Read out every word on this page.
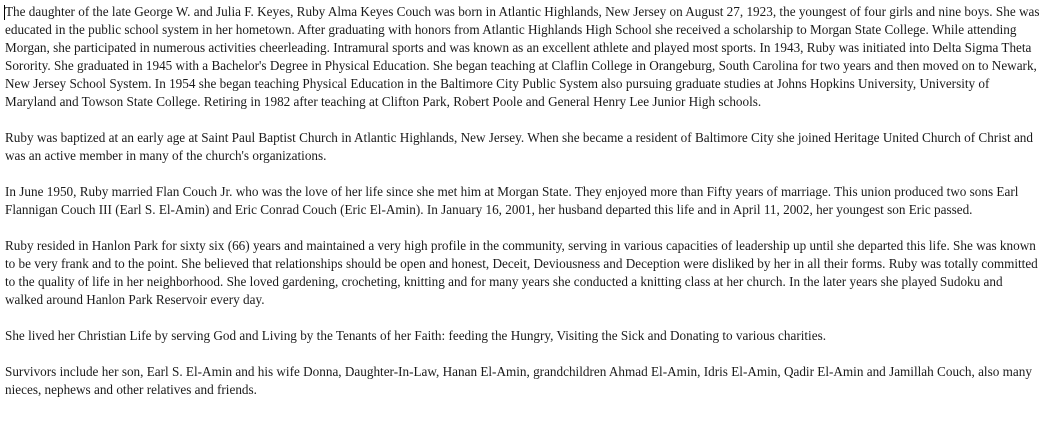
The daughter of the late George W. and Julia F. Keyes, Ruby Alma Keyes Couch was born in Atlantic Highlands, New Jersey on August 27, 1923, the youngest of four girls and nine boys. She was educated in the public school system in her hometown. After graduating with honors from Atlantic Highlands High School she received a scholarship to Morgan State College. While attending Morgan, she participated in numerous activities cheerleading. Intramural sports and was known as an excellent athlete and played most sports. In 1943, Ruby was initiated into Delta Sigma Theta Sorority. She graduated in 1945 with a Bachelor's Degree in Physical Education. She began teaching at Claflin College in Orangeburg, South Carolina for two years and then moved on to Newark, New Jersey School System. In 1954 she began teaching Physical Education in the Baltimore City Public System also pursuing graduate studies at Johns Hopkins University, University of Maryland and Towson State College. Retiring in 1982 after teaching at Clifton Park, Robert Poole and General Henry Lee Junior High schools.

Ruby was baptized at an early age at Saint Paul Baptist Church in Atlantic Highlands, New Jersey. When she became a resident of Baltimore City she joined Heritage United Church of Christ and was an active member in many of the church's organizations.

In June 1950, Ruby married Flan Couch Jr. who was the love of her life since she met him at Morgan State. They enjoyed more than Fifty years of marriage. This union produced two sons Earl Flannigan Couch III (Earl S. El-Amin) and Eric Conrad Couch (Eric El-Amin). In January 16, 2001, her husband departed this life and in April 11, 2002, her youngest son Eric passed.

Ruby resided in Hanlon Park for sixty six (66) years and maintained a very high profile in the community, serving in various capacities of leadership up until she departed this life. She was known to be very frank and to the point. She believed that relationships should be open and honest, Deceit, Deviousness and Deception were disliked by her in all their forms. Ruby was totally committed to the quality of life in her neighborhood. She loved gardening, crocheting, knitting and for many years she conducted a knitting class at her church. In the later years she played Sudoku and walked around Hanlon Park Reservoir every day.

She lived her Christian Life by serving God and Living by the Tenants of her Faith: feeding the Hungry, Visiting the Sick and Donating to various charities.

Survivors include her son, Earl S. El-Amin and his wife Donna, Daughter-In-Law, Hanan El-Amin, grandchildren Ahmad El-Amin, Idris El-Amin, Qadir El-Amin and Jamillah Couch, also many nieces, nephews and other relatives and friends.
